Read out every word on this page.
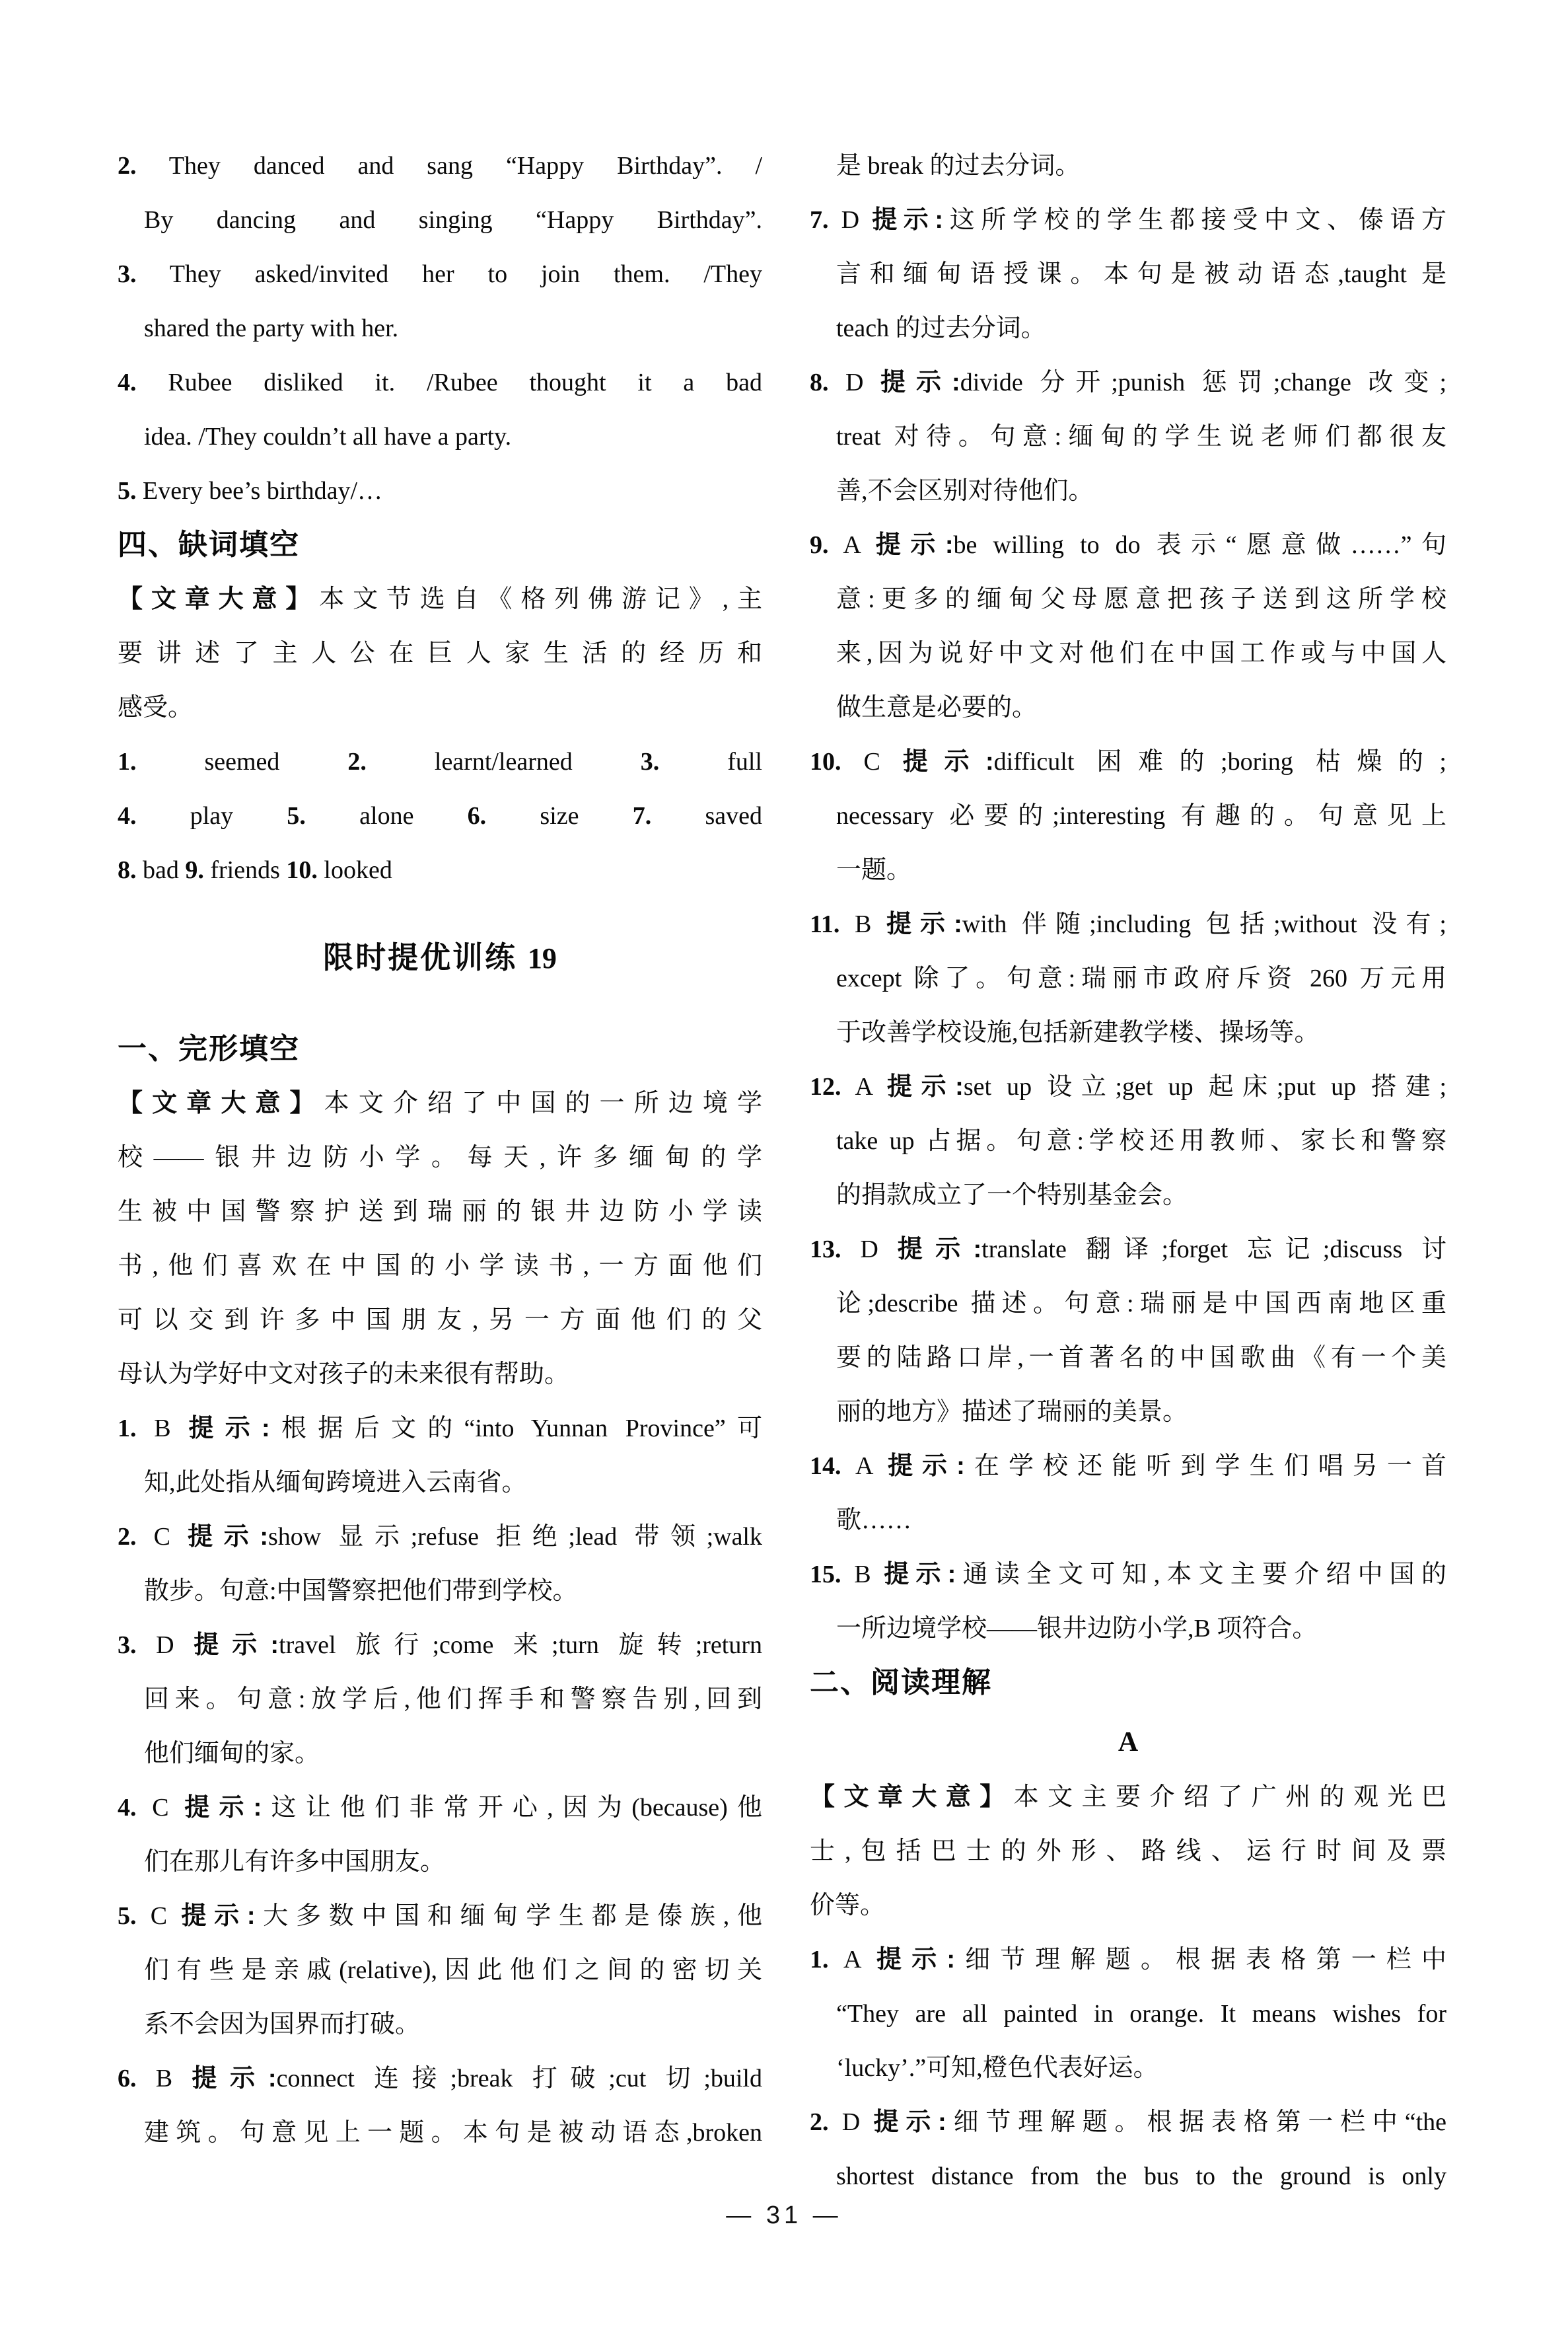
2. They danced and sang “Happy Birthday”. /
By dancing and singing “Happy Birthday”.
3. They asked/invited her to join them. /They
shared the party with her.
4. Rubee disliked it. /Rubee thought it a bad
idea. /They couldn’t all have a party.
5. Every bee’s birthday/…
四、缺词填空
【文章大意】本文节选自《格列佛游记》,主
要讲述了主人公在巨人家生活的经历和
感受。
1. seemed 2. learnt/learned 3. full
4. play 5. alone 6. size 7. saved
8. bad 9. friends 10. looked
限时提优训练 19
一、完形填空
【文章大意】本文介绍了中国的一所边境学
校——银井边防小学。每天,许多缅甸的学
生被中国警察护送到瑞丽的银井边防小学读
书,他们喜欢在中国的小学读书,一方面他们
可以交到许多中国朋友,另一方面他们的父
母认为学好中文对孩子的未来很有帮助。
1. B 提示:根据后文的“into Yunnan Province”可
知,此处指从缅甸跨境进入云南省。
2. C 提示:show 显示;refuse 拒绝;lead 带领;walk
散步。句意:中国警察把他们带到学校。
3. D 提示:travel 旅行;come 来;turn 旋转;return
回来。句意:放学后,他们挥手和警察告别,回到
他们缅甸的家。
4. C 提示:这让他们非常开心,因为(because)他
们在那儿有许多中国朋友。
5. C 提示:大多数中国和缅甸学生都是傣族,他
们有些是亲戚(relative),因此他们之间的密切关
系不会因为国界而打破。
6. B 提示:connect 连接;break 打破;cut 切;build
建筑。句意见上一题。本句是被动语态,broken
是 break 的过去分词。
7. D 提示:这所学校的学生都接受中文、傣语方
言和缅甸语授课。本句是被动语态,taught 是
teach 的过去分词。
8. D 提示:divide 分开;punish 惩罚;change 改变;
treat 对待。句意:缅甸的学生说老师们都很友
善,不会区别对待他们。
9. A 提示:be willing to do 表示“愿意做……”句
意:更多的缅甸父母愿意把孩子送到这所学校
来,因为说好中文对他们在中国工作或与中国人
做生意是必要的。
10. C 提示:difficult 困难的;boring 枯燥的;
necessary 必要的;interesting 有趣的。句意见上
一题。
11. B 提示:with 伴随;including 包括;without 没有;
except 除了。句意:瑞丽市政府斥资 260 万元用
于改善学校设施,包括新建教学楼、操场等。
12. A 提示:set up 设立;get up 起床;put up 搭建;
take up 占据。句意:学校还用教师、家长和警察
的捐款成立了一个特别基金会。
13. D 提示:translate 翻译;forget 忘记;discuss 讨
论;describe 描述。句意:瑞丽是中国西南地区重
要的陆路口岸,一首著名的中国歌曲《有一个美
丽的地方》描述了瑞丽的美景。
14. A 提示:在学校还能听到学生们唱另一首
歌……
15. B 提示:通读全文可知,本文主要介绍中国的
一所边境学校——银井边防小学,B 项符合。
二、阅读理解
A
【文章大意】本文主要介绍了广州的观光巴
士,包括巴士的外形、路线、运行时间及票
价等。
1. A 提示:细节理解题。根据表格第一栏中
“They are all painted in orange. It means wishes for
‘lucky’.”可知,橙色代表好运。
2. D 提示:细节理解题。根据表格第一栏中“the
shortest distance from the bus to the ground is only
— 31 —
